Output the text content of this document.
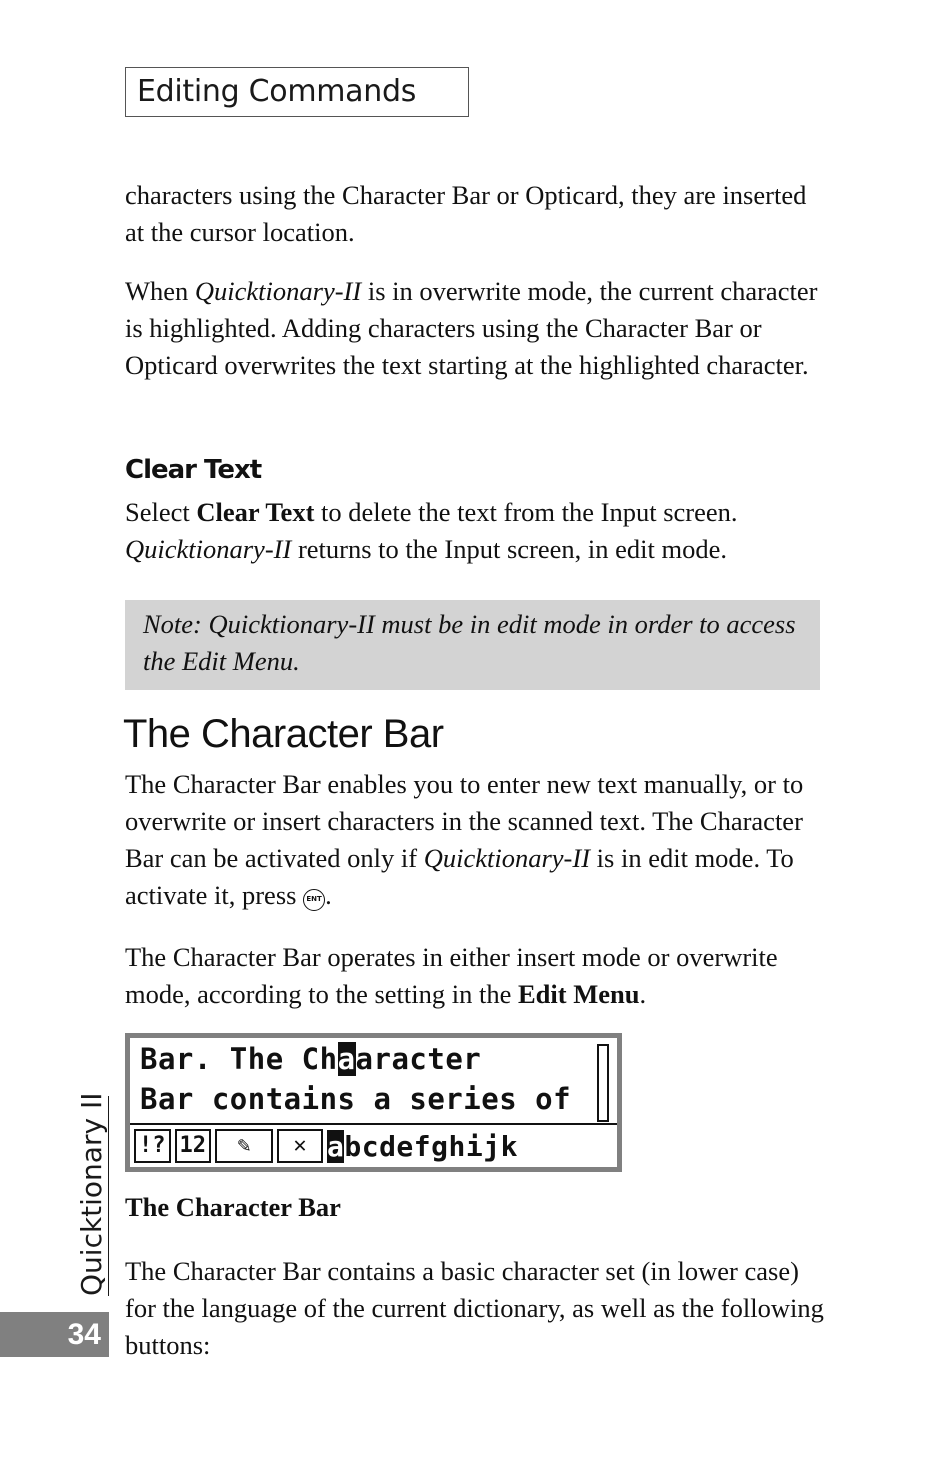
Editing Commands

characters using the Character Bar or Opticard, they are inserted at the cursor location.

When Quicktionary-II is in overwrite mode, the current character is highlighted. Adding characters using the Character Bar or Opticard overwrites the text starting at the highlighted character.

Clear Text

Select Clear Text to delete the text from the Input screen.
Quicktionary-II returns to the Input screen, in edit mode.

Note: Quicktionary-II must be in edit mode in order to access the Edit Menu.
The Character Bar

The Character Bar enables you to enter new text manually, or to overwrite or insert characters in the scanned text. The Character Bar can be activated only if Quicktionary-II is in edit mode. To activate it, press ENT .

The Character Bar operates in either insert mode or overwrite mode, according to the setting in the Edit Menu.

Bar. The Chaaracter
Bar contains a series of
!? 12	✎	✕ abcdefghijk
The Character Bar

The Character Bar contains a basic character set (in lower case) for the language of the current dictionary, as well as the following buttons:

Quicktionary II
34
